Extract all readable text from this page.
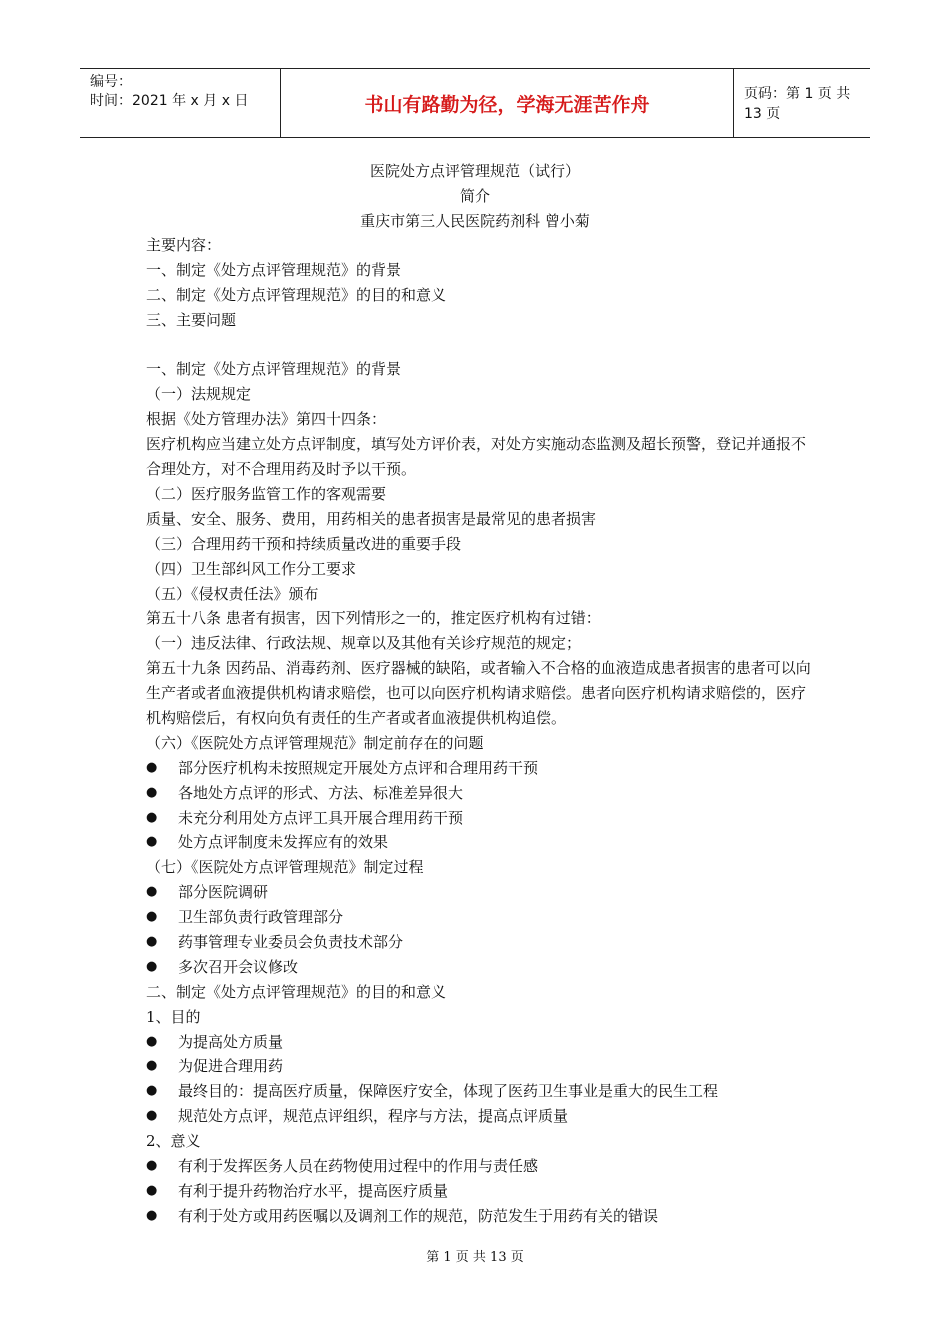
编号：
时间：2021 年 x 月 x 日	书山有路勤为径，学海无涯苦作舟	页码：第 1 页 共 13 页
医院处方点评管理规范（试行）
简介
重庆市第三人民医院药剂科 曾小菊
主要内容：
一、制定《处方点评管理规范》的背景
二、制定《处方点评管理规范》的目的和意义
三、主要问题
一、制定《处方点评管理规范》的背景
（一）法规规定
根据《处方管理办法》第四十四条：
医疗机构应当建立处方点评制度，填写处方评价表，对处方实施动态监测及超长预警，登记并通报不合理处方，对不合理用药及时予以干预。
（二）医疗服务监管工作的客观需要
质量、安全、服务、费用，用药相关的患者损害是最常见的患者损害
（三）合理用药干预和持续质量改进的重要手段
（四）卫生部纠风工作分工要求
（五）《侵权责任法》颁布
第五十八条 患者有损害，因下列情形之一的，推定医疗机构有过错：
（一）违反法律、行政法规、规章以及其他有关诊疗规范的规定；
第五十九条 因药品、消毒药剂、医疗器械的缺陷，或者输入不合格的血液造成患者损害的患者可以向生产者或者血液提供机构请求赔偿，也可以向医疗机构请求赔偿。患者向医疗机构请求赔偿的，医疗机构赔偿后，有权向负有责任的生产者或者血液提供机构追偿。
（六）《医院处方点评管理规范》制定前存在的问题
●	部分医疗机构未按照规定开展处方点评和合理用药干预
●	各地处方点评的形式、方法、标准差异很大
●	未充分利用处方点评工具开展合理用药干预
●	处方点评制度未发挥应有的效果
（七）《医院处方点评管理规范》制定过程
●	部分医院调研
●	卫生部负责行政管理部分
●	药事管理专业委员会负责技术部分
●	多次召开会议修改
二、制定《处方点评管理规范》的目的和意义
1、目的
●	为提高处方质量
●	为促进合理用药
●	最终目的：提高医疗质量，保障医疗安全，体现了医药卫生事业是重大的民生工程
●	规范处方点评，规范点评组织，程序与方法，提高点评质量
2、意义
●	有利于发挥医务人员在药物使用过程中的作用与责任感
●	有利于提升药物治疗水平，提高医疗质量
●	有利于处方或用药医嘱以及调剂工作的规范，防范发生于用药有关的错误
第 1 页 共 13 页
